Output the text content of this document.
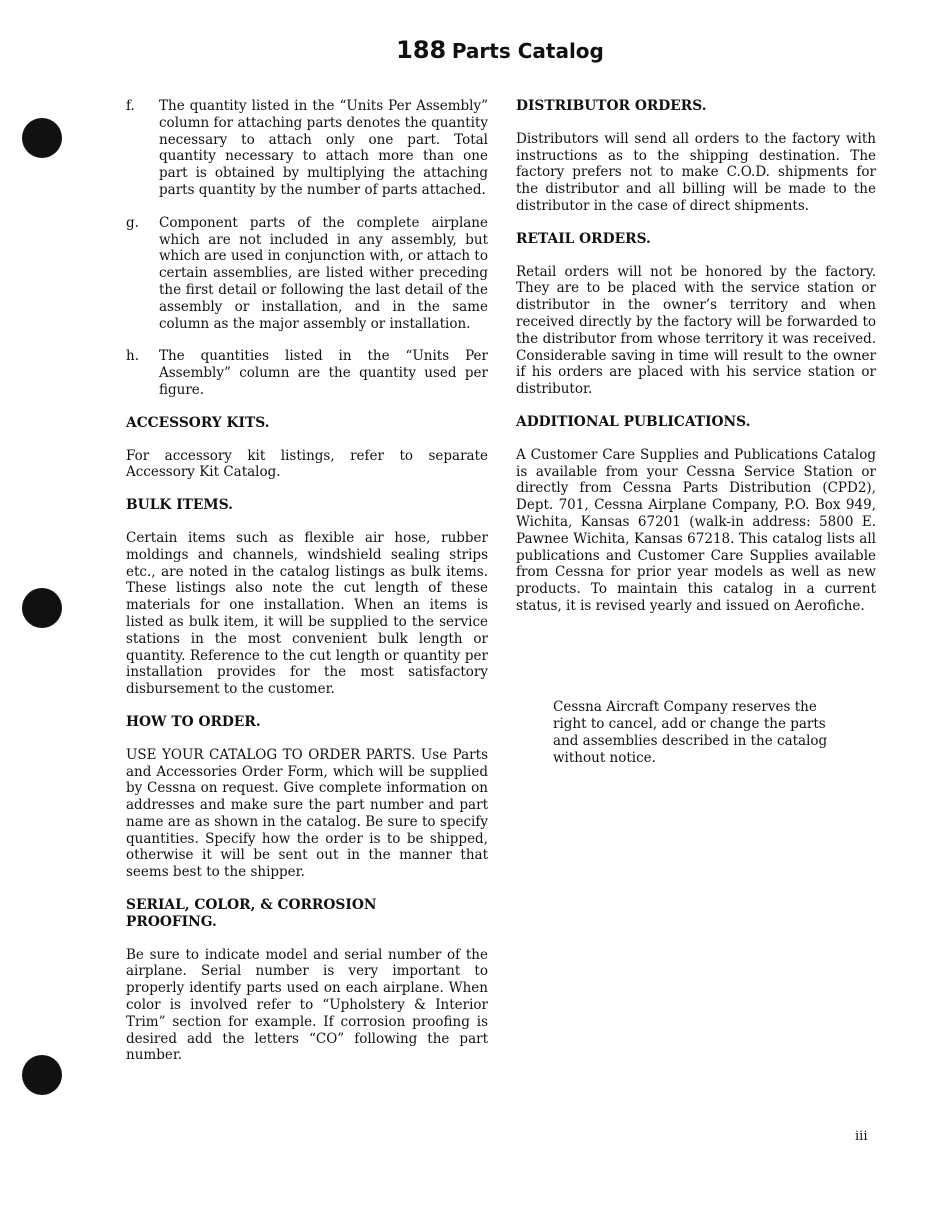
188 Parts Catalog
f.	The quantity listed in the “Units Per Assembly” column for attaching parts denotes the quantity necessary to attach only one part. Total quantity necessary to attach more than one part is obtained by multiplying the attaching parts quantity by the number of parts attached.

g.	Component parts of the complete airplane which are not included in any assembly, but which are used in conjunction with, or attach to certain assemblies, are listed wither preceding the first detail or following the last detail of the assembly or installation, and in the same column as the major assembly or installation.

h.	The quantities listed in the “Units Per Assembly” column are the quantity used per figure.

ACCESSORY KITS.

For accessory kit listings, refer to separate Accessory Kit Catalog.

BULK ITEMS.

Certain items such as flexible air hose, rubber moldings and channels, windshield sealing strips etc., are noted in the catalog listings as bulk items. These listings also note the cut length of these materials for one installation. When an items is listed as bulk item, it will be supplied to the service stations in the most convenient bulk length or quantity. Reference to the cut length or quantity per installation provides for the most satisfactory disbursement to the customer.

HOW TO ORDER.

USE YOUR CATALOG TO ORDER PARTS. Use Parts and Accessories Order Form, which will be supplied by Cessna on request. Give complete information on addresses and make sure the part number and part name are as shown in the catalog. Be sure to specify quantities. Specify how the order is to be shipped, otherwise it will be sent out in the manner that seems best to the shipper.

SERIAL, COLOR, & CORROSION PROOFING.

Be sure to indicate model and serial number of the airplane. Serial number is very important to properly identify parts used on each airplane. When color is involved refer to “Upholstery & Interior Trim” section for example. If corrosion proofing is desired add the letters “CO” following the part number.

DISTRIBUTOR ORDERS.

Distributors will send all orders to the factory with instructions as to the shipping destination. The factory prefers not to make C.O.D. shipments for the distributor and all billing will be made to the distributor in the case of direct shipments.

RETAIL ORDERS.

Retail orders will not be honored by the factory. They are to be placed with the service station or distributor in the owner’s territory and when received directly by the factory will be forwarded to the distributor from whose territory it was received. Considerable saving in time will result to the owner if his orders are placed with his service station or distributor.

ADDITIONAL PUBLICATIONS.

A Customer Care Supplies and Publications Catalog is available from your Cessna Service Station or directly from Cessna Parts Distribution (CPD2), Dept. 701, Cessna Airplane Company, P.O. Box 949, Wichita, Kansas 67201 (walk-in address: 5800 E. Pawnee Wichita, Kansas 67218. This catalog lists all publications and Customer Care Supplies available from Cessna for prior year models as well as new products. To maintain this catalog in a current status, it is revised yearly and issued on Aerofiche.

Cessna Aircraft Company reserves the right to cancel, add or change the parts and assemblies described in the catalog without notice.

iii
